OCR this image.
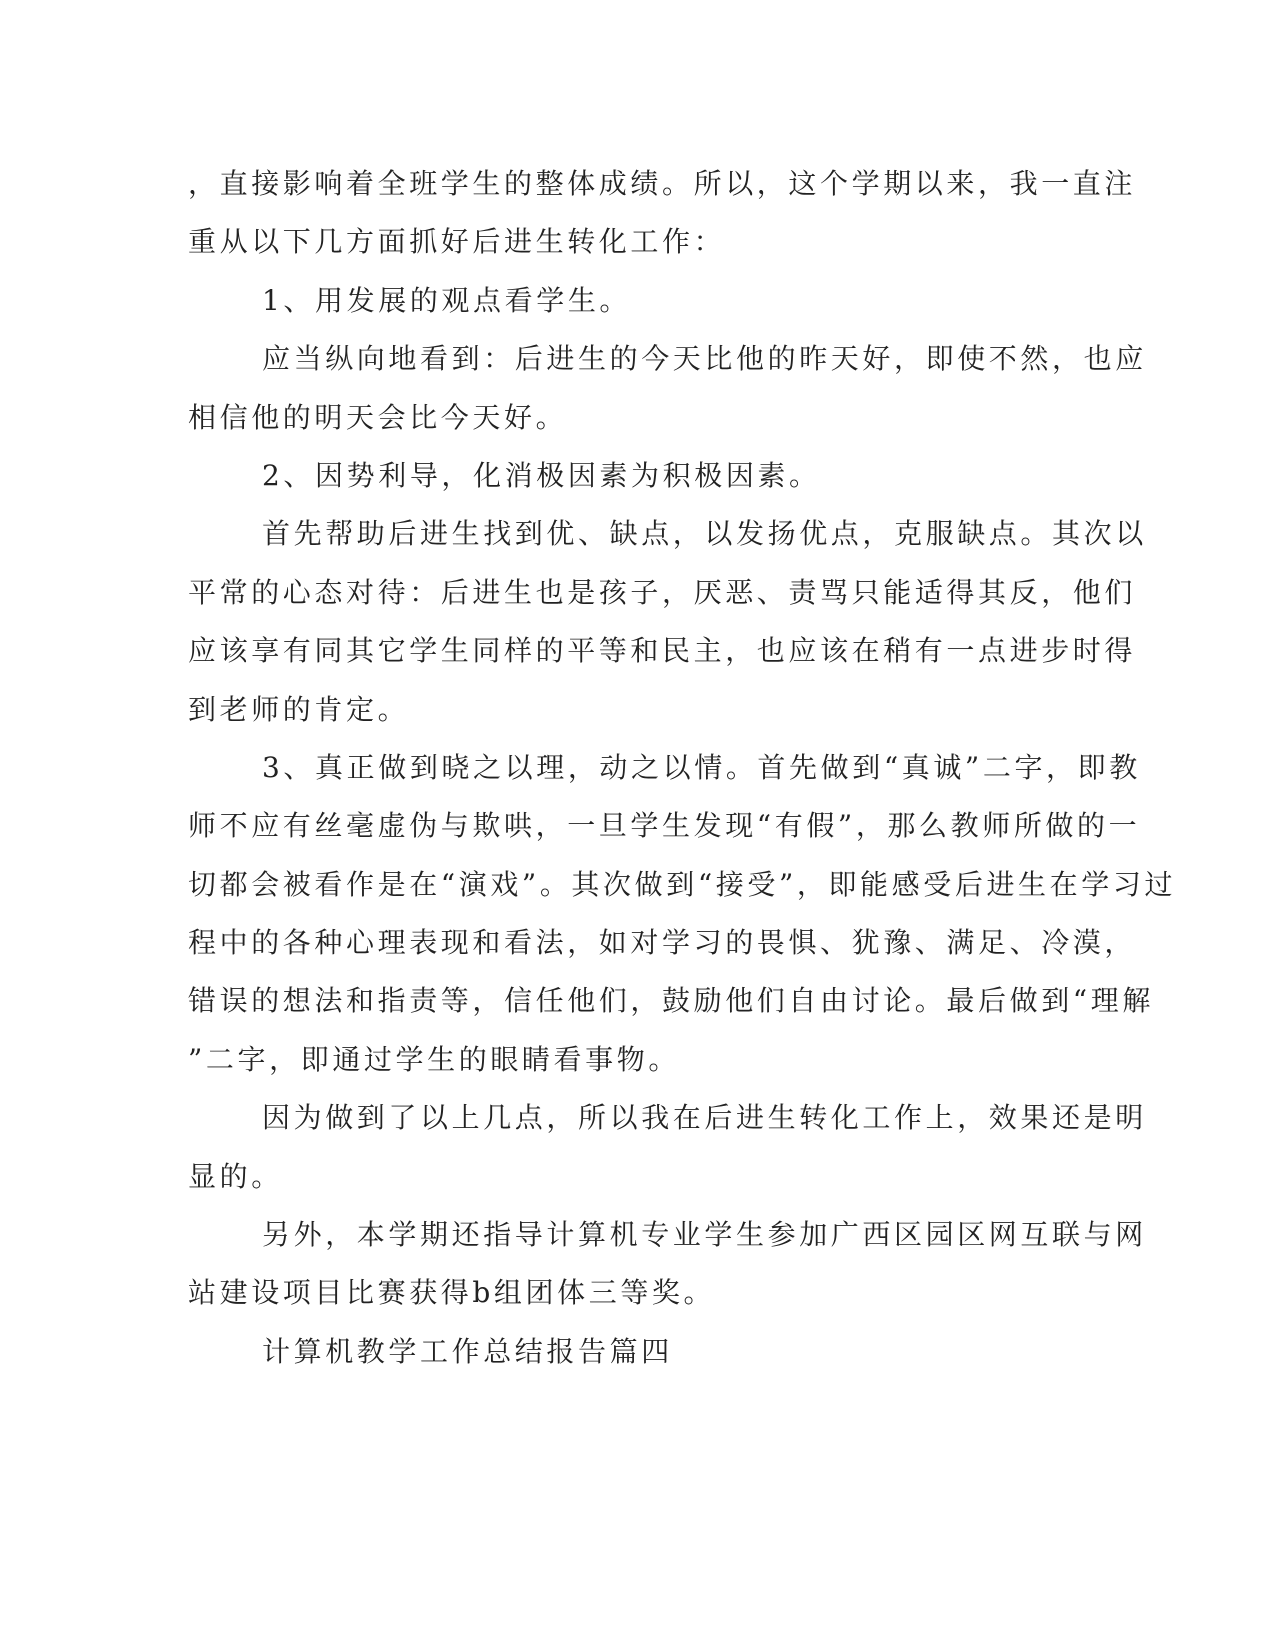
，直接影响着全班学生的整体成绩。所以，这个学期以来，我一直注
重从以下几方面抓好后进生转化工作：
1、用发展的观点看学生。
应当纵向地看到：后进生的今天比他的昨天好，即使不然，也应
相信他的明天会比今天好。
2、因势利导，化消极因素为积极因素。
首先帮助后进生找到优、缺点，以发扬优点，克服缺点。其次以
平常的心态对待：后进生也是孩子，厌恶、责骂只能适得其反，他们
应该享有同其它学生同样的平等和民主，也应该在稍有一点进步时得
到老师的肯定。
3、真正做到晓之以理，动之以情。首先做到“真诚”二字，即教
师不应有丝毫虚伪与欺哄，一旦学生发现“有假”，那么教师所做的一
切都会被看作是在“演戏”。其次做到“接受”，即能感受后进生在学习过
程中的各种心理表现和看法，如对学习的畏惧、犹豫、满足、冷漠，
错误的想法和指责等，信任他们，鼓励他们自由讨论。最后做到“理解
”二字，即通过学生的眼睛看事物。
因为做到了以上几点，所以我在后进生转化工作上，效果还是明
显的。
另外，本学期还指导计算机专业学生参加广西区园区网互联与网
站建设项目比赛获得b组团体三等奖。
计算机教学工作总结报告篇四
